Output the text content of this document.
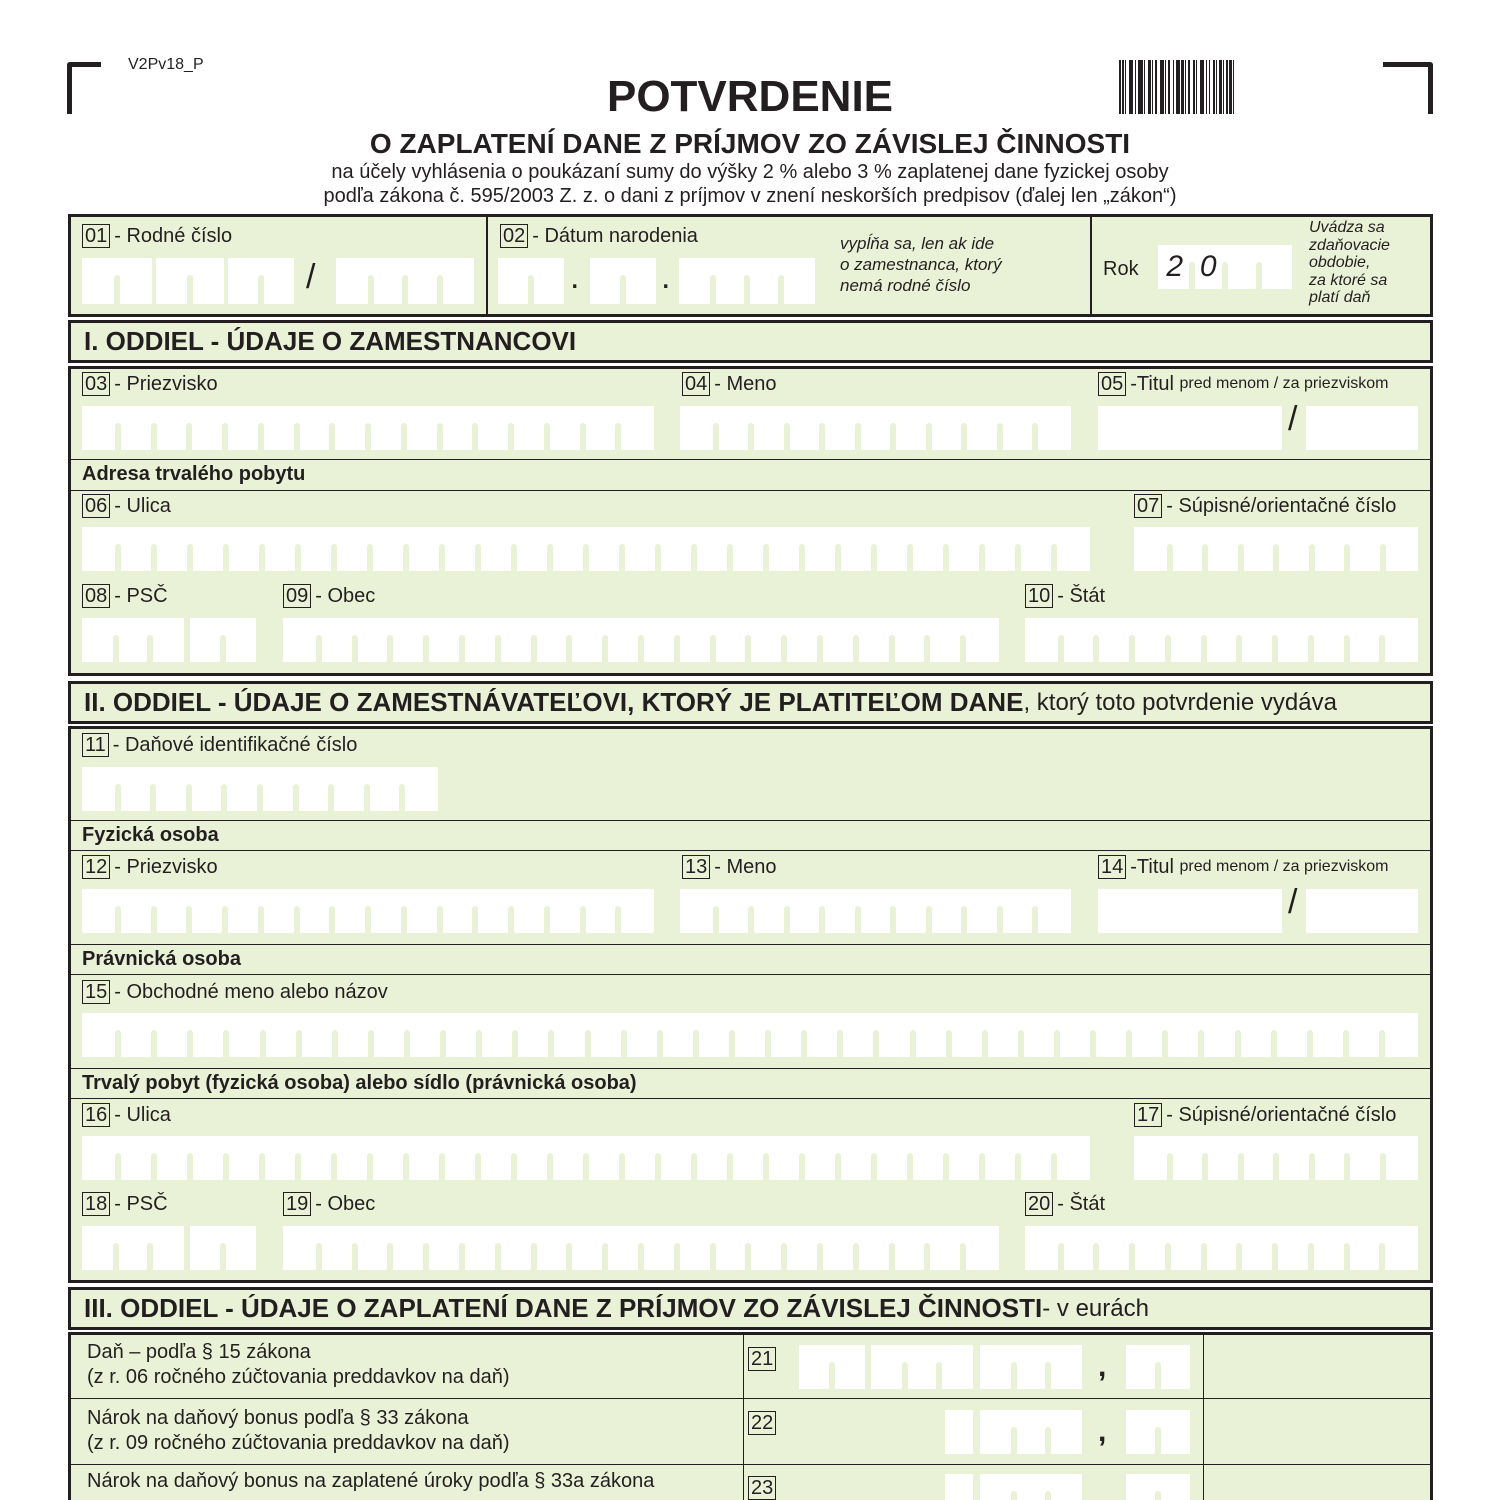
V2Pv18_P
POTVRDENIE
O ZAPLATENÍ DANE Z PRÍJMOV ZO ZÁVISLEJ ČINNOSTI
na účely vyhlásenia o poukázaní sumy do výšky 2 % alebo 3 % zaplatenej dane fyzickej osoby
podľa zákona č. 595/2003 Z. z. o dani z príjmov v znení neskorších predpisov (ďalej len „zákon“)
01 - Rodné číslo
/
02 - Dátum narodenia
. .
vypĺňa sa, len ak ide
o zamestnanca, ktorý
nemá rodné číslo
Rok 2 0
Uvádza sa
zdaňovacie
obdobie,
za ktoré sa
platí daň
I. ODDIEL - ÚDAJE O ZAMESTNANCOVI
03 - Priezvisko	04 - Meno	05 -Titul
pred menom / za priezviskom
/
Adresa trvalého pobytu
06 - Ulica	07 - Súpisné/orientačné číslo
08 - PSČ	09 - Obec	10 - Štát
II. ODDIEL - ÚDAJE O ZAMESTNÁVATEĽOVI, KTORÝ JE PLATITEĽOM DANE , ktorý toto potvrdenie vydáva
11 - Daňové identifikačné číslo
Fyzická osoba
12 - Priezvisko	13 - Meno	14 -Titul
pred menom / za priezviskom
/
Právnická osoba
15 - Obchodné meno alebo názov
Trvalý pobyt (fyzická osoba) alebo sídlo (právnická osoba)
16 - Ulica	17 - Súpisné/orientačné číslo
18 - PSČ	19 - Obec	20 - Štát
III. ODDIEL - ÚDAJE O ZAPLATENÍ DANE Z PRÍJMOV ZO ZÁVISLEJ ČINNOSTI - v eurách
Daň – podľa § 15 zákona
(z r. 06 ročného zúčtovania preddavkov na daň)
21	,
Nárok na daňový bonus podľa § 33 zákona
(z r. 09 ročného zúčtovania preddavkov na daň)
22	,
Nárok na daňový bonus na zaplatené úroky podľa § 33a zákona	23
